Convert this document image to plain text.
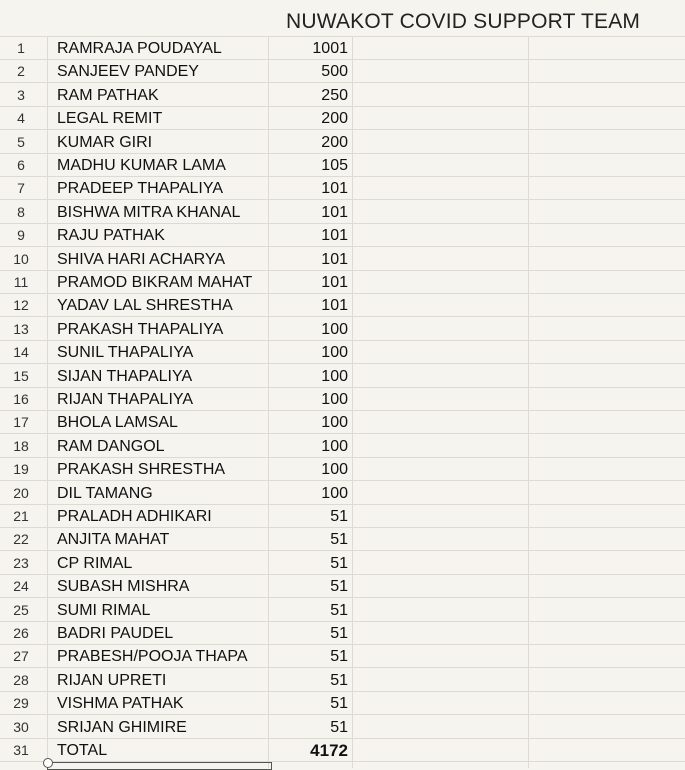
NUWAKOT COVID SUPPORT TEAM
1	RAMRAJA POUDAYAL	1001
2	SANJEEV PANDEY	500
3	RAM PATHAK	250
4	LEGAL REMIT	200
5	KUMAR GIRI	200
6	MADHU KUMAR LAMA	105
7	PRADEEP THAPALIYA	101
8	BISHWA MITRA KHANAL	101
9	RAJU PATHAK	101
10	SHIVA HARI ACHARYA	101
11	PRAMOD BIKRAM MAHAT	101
12	YADAV LAL SHRESTHA	101
13	PRAKASH THAPALIYA	100
14	SUNIL THAPALIYA	100
15	SIJAN THAPALIYA	100
16	RIJAN THAPALIYA	100
17	BHOLA LAMSAL	100
18	RAM DANGOL	100
19	PRAKASH SHRESTHA	100
20	DIL TAMANG	100
21	PRALADH ADHIKARI	51
22	ANJITA MAHAT	51
23	CP RIMAL	51
24	SUBASH MISHRA	51
25	SUMI RIMAL	51
26	BADRI PAUDEL	51
27	PRABESH/POOJA THAPA	51
28	RIJAN UPRETI	51
29	VISHMA PATHAK	51
30	SRIJAN GHIMIRE	51
31	TOTAL	4172
